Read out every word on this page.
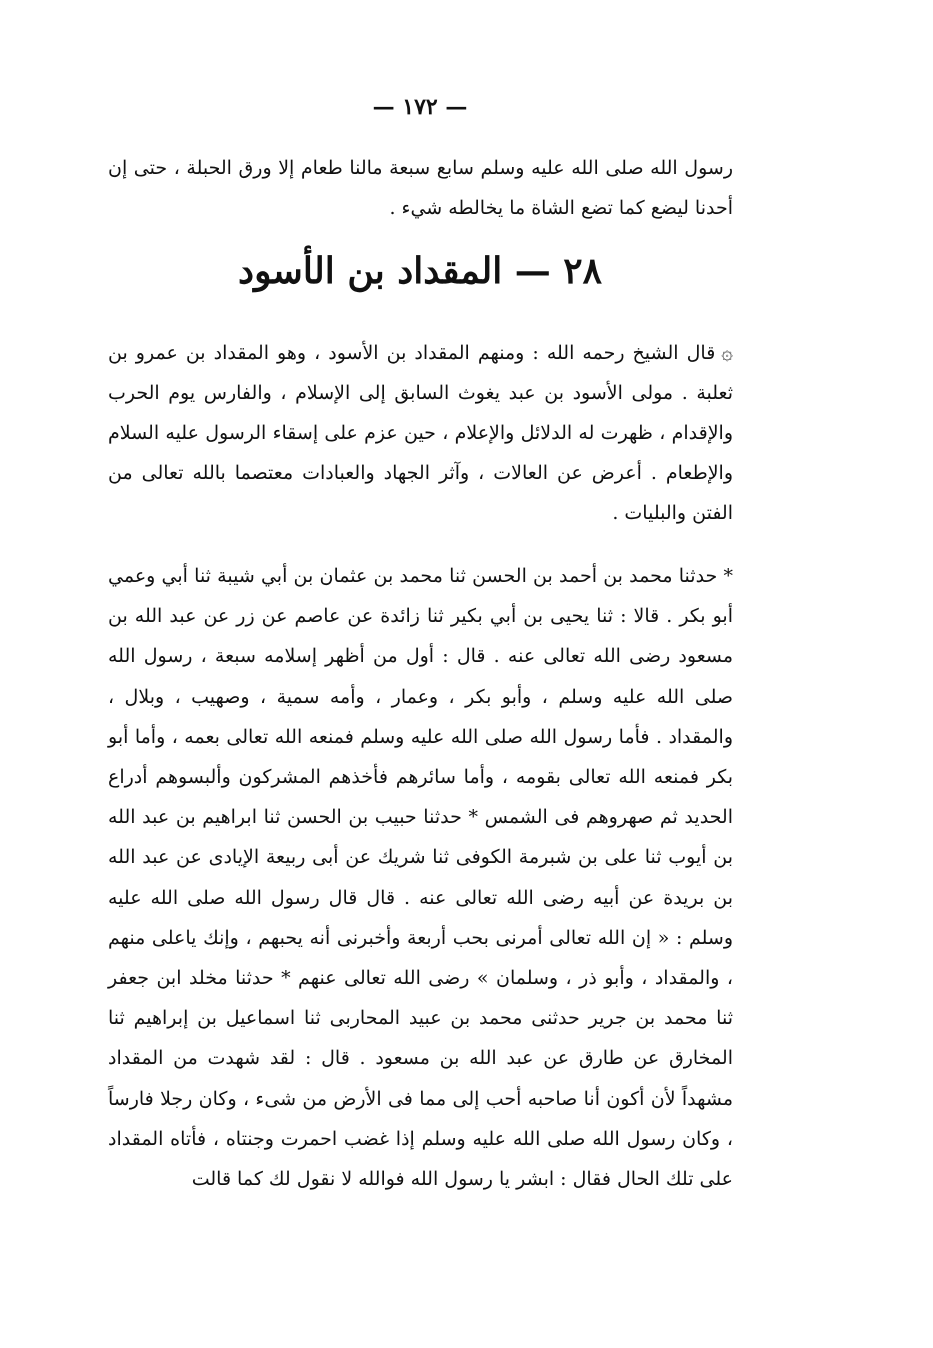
— ١٧٢ —

رسول الله صلى الله عليه وسلم سابع سبعة مالنا طعام إلا ورق الحبلة ، حتى إن أحدنا ليضع كما تضع الشاة ما يخالطه شيء .

٢٨ — المقداد بن الأسود

۞قال الشيخ رحمه الله : ومنهم المقداد بن الأسود ، وهو المقداد بن عمرو بن ثعلبة . مولى الأسود بن عبد يغوث السابق إلى الإسلام ، والفارس يوم الحرب والإقدام ، ظهرت له الدلائل والإعلام ، حين عزم على إسقاء الرسول عليه السلام والإطعام . أعرض عن العالات ، وآثر الجهاد والعبادات معتصما بالله تعالى من الفتن والبليات .

* حدثنا محمد بن أحمد بن الحسن ثنا محمد بن عثمان بن أبي شيبة ثنا أبي وعمي أبو بكر . قالا : ثنا يحيى بن أبي بكير ثنا زائدة عن عاصم عن زر عن عبد الله بن مسعود رضى الله تعالى عنه . قال : أول من أظهر إسلامه سبعة ، رسول الله صلى الله عليه وسلم ، وأبو بكر ، وعمار ، وأمه سمية ، وصهيب ، وبلال ، والمقداد . فأما رسول الله صلى الله عليه وسلم فمنعه الله تعالى بعمه ، وأما أبو بكر فمنعه الله تعالى بقومه ، وأما سائرهم فأخذهم المشركون وألبسوهم أدراع الحديد ثم صهروهم فى الشمس * حدثنا حبيب بن الحسن ثنا ابراهيم بن عبد الله بن أيوب ثنا على بن شبرمة الكوفى ثنا شريك عن أبى ربيعة الإيادى عن عبد الله بن بريدة عن أبيه رضى الله تعالى عنه . قال قال رسول الله صلى الله عليه وسلم : « إن الله تعالى أمرنى بحب أربعة وأخبرنى أنه يحبهم ، وإنك ياعلى منهم ، والمقداد ، وأبو ذر ، وسلمان » رضى الله تعالى عنهم * حدثنا مخلد ابن جعفر ثنا محمد بن جرير حدثنى محمد بن عبيد المحاربى ثنا اسماعيل بن إبراهيم ثنا المخارق عن طارق عن عبد الله بن مسعود . قال : لقد شهدت من المقداد مشهداً لأن أكون أنا صاحبه أحب إلى مما فى الأرض من شىء ، وكان رجلا فارساً ، وكان رسول الله صلى الله عليه وسلم إذا غضب احمرت وجنتاه ، فأتاه المقداد على تلك الحال فقال : ابشر يا رسول الله فوالله لا نقول لك كما قالت
